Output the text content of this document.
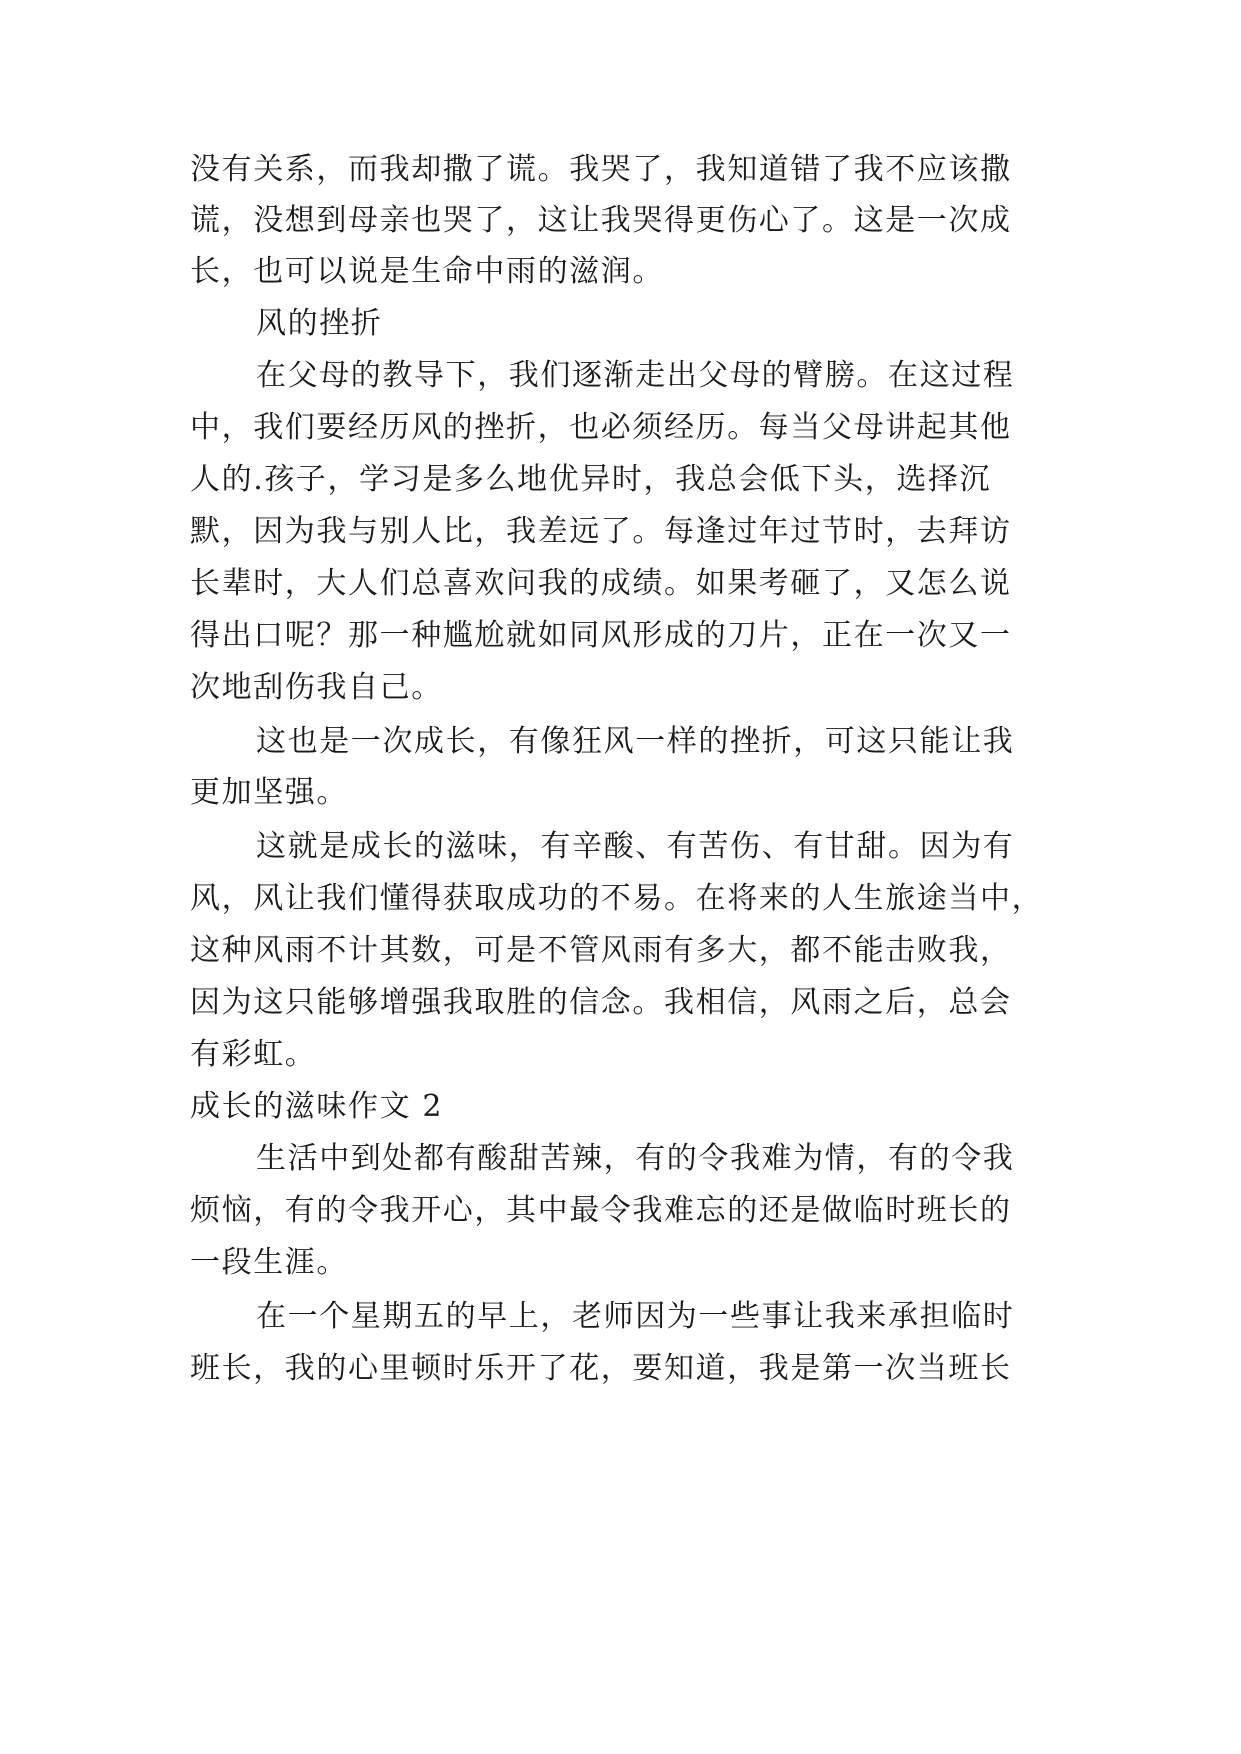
没有关系，而我却撒了谎。我哭了，我知道错了我不应该撒
谎，没想到母亲也哭了，这让我哭得更伤心了。这是一次成
长，也可以说是生命中雨的滋润。
风的挫折
在父母的教导下，我们逐渐走出父母的臂膀。在这过程
中，我们要经历风的挫折，也必须经历。每当父母讲起其他
人的.孩子，学习是多么地优异时，我总会低下头，选择沉
默，因为我与别人比，我差远了。每逢过年过节时，去拜访
长辈时，大人们总喜欢问我的成绩。如果考砸了，又怎么说
得出口呢？那一种尴尬就如同风形成的刀片，正在一次又一
次地刮伤我自己。
这也是一次成长，有像狂风一样的挫折，可这只能让我
更加坚强。
这就是成长的滋味，有辛酸、有苦伤、有甘甜。因为有
风，风让我们懂得获取成功的不易。在将来的人生旅途当中，
这种风雨不计其数，可是不管风雨有多大，都不能击败我，
因为这只能够增强我取胜的信念。我相信，风雨之后，总会
有彩虹。
成长的滋味作文 2
生活中到处都有酸甜苦辣，有的令我难为情，有的令我
烦恼，有的令我开心，其中最令我难忘的还是做临时班长的
一段生涯。
在一个星期五的早上，老师因为一些事让我来承担临时
班长，我的心里顿时乐开了花，要知道，我是第一次当班长
